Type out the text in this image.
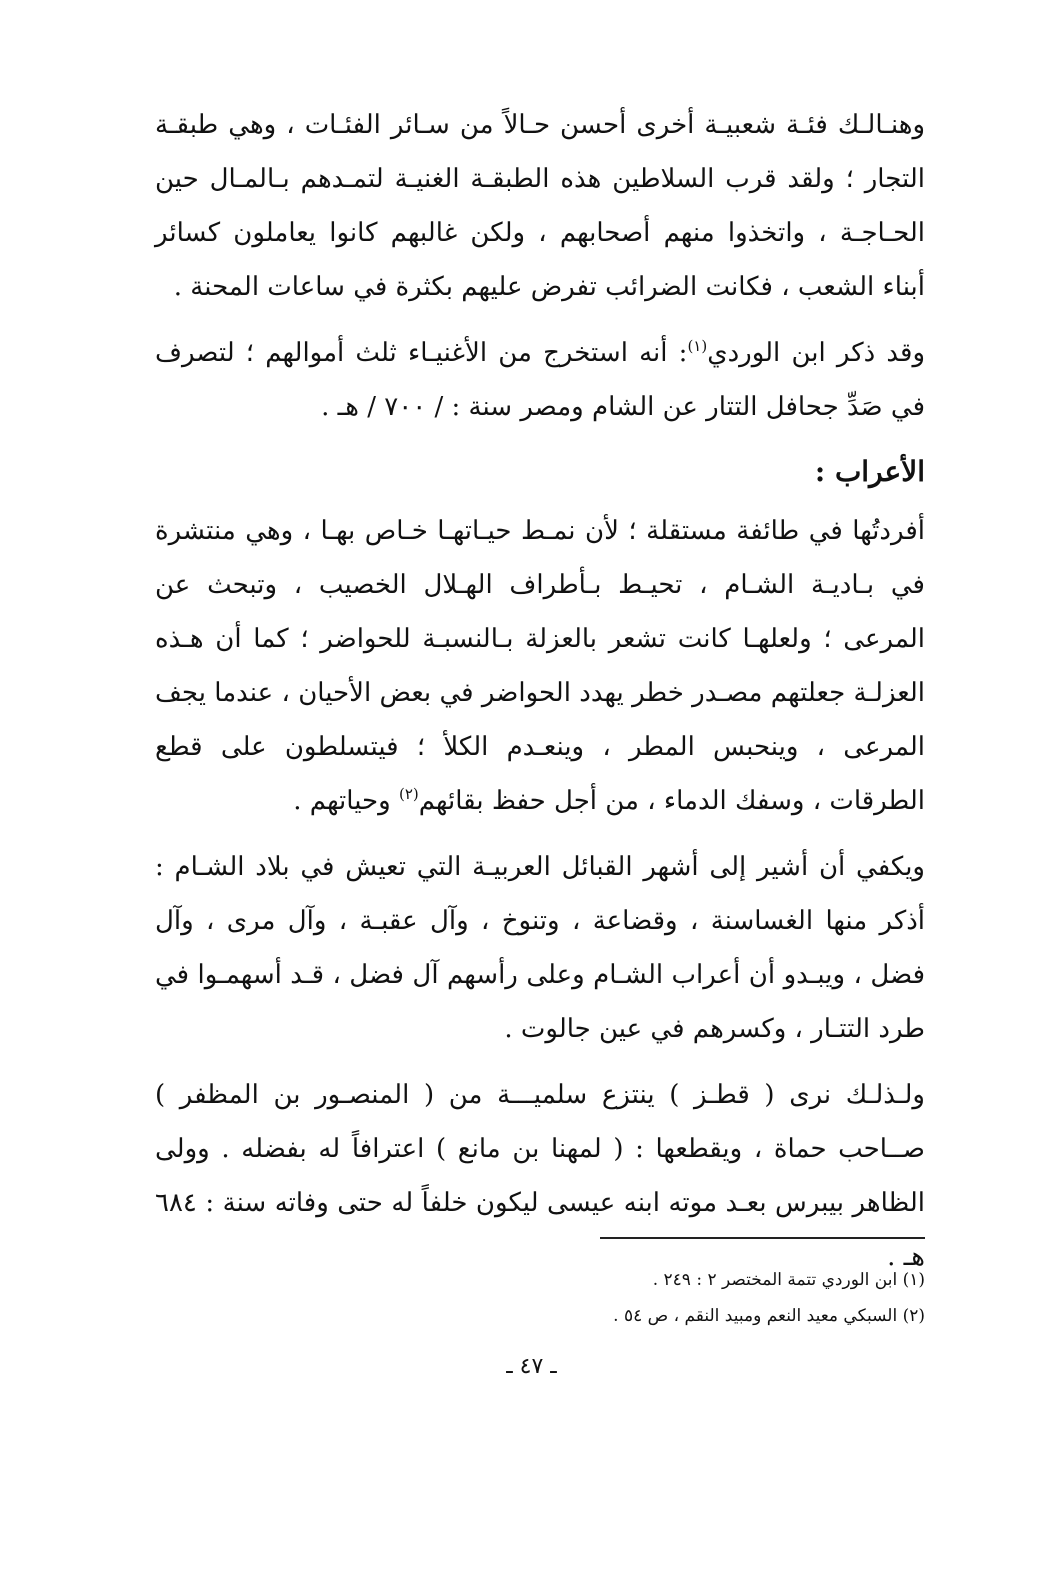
وهنـالـك فئـة شعبيـة أخرى أحسن حـالاً من سـائر الفئـات ، وهي طبقـة التجار ؛ ولقد قرب السلاطين هذه الطبقـة الغنيـة لتمـدهم بـالمـال حين الحـاجـة ، واتخذوا منهم أصحابهم ، ولكن غالبهم كانوا يعاملون كسائر أبناء الشعب ، فكانت الضرائب تفرض عليهم بكثرة في ساعات المحنة .

وقد ذكر ابن الوردي$^{(١)}$: أنه استخرج من الأغنيـاء ثلث أموالهم ؛ لتصرف في صَدِّ جحافل التتار عن الشام ومصر سنة : / ٧٠٠ / هـ .

الأعراب :

أفردتُها في طائفة مستقلة ؛ لأن نمـط حيـاتهـا خـاص بهـا ، وهي منتشرة في بـاديـة الشـام ، تحيـط بـأطراف الهـلال الخصيب ، وتبحث عن المرعى ؛ ولعلهـا كانت تشعر بالعزلة بـالنسبـة للحواضر ؛ كما أن هـذه العزلـة جعلتهم مصـدر خطر يهدد الحواضر في بعض الأحيان ، عندما يجف المرعى ، وينحبس المطر ، وينعـدم الكلأ ؛ فيتسلطون على قطع الطرقات ، وسفك الدماء ، من أجل حفظ بقائهم$^{(٢)}$ وحياتهم .

ويكفي أن أشير إلى أشهر القبائل العربيـة التي تعيش في بلاد الشـام : أذكر منها الغساسنة ، وقضاعة ، وتنوخ ، وآل عقبـة ، وآل مرى ، وآل فضل ، ويبـدو أن أعراب الشـام وعلى رأسهم آل فضل ، قـد أسهمـوا في طرد التتـار ، وكسرهم في عين جالوت .

ولـذلـك نرى ( قطـز ) ينتزع سلميـــة من ( المنصـور بن المظفر ) صــاحب حماة ، ويقطعها : ( لمهنا بن مانع ) اعترافاً له بفضله . وولى الظاهر بيبرس بعـد موته ابنه عيسى ليكون خلفاً له حتى وفاته سنة : ٦٨٤ هـ .

(١) ابن الوردي تتمة المختصر ٢ : ٢٤٩ .

(٢) السبكي معيد النعم ومبيد النقم ، ص ٥٤ .

ـ ٤٧ ـ
